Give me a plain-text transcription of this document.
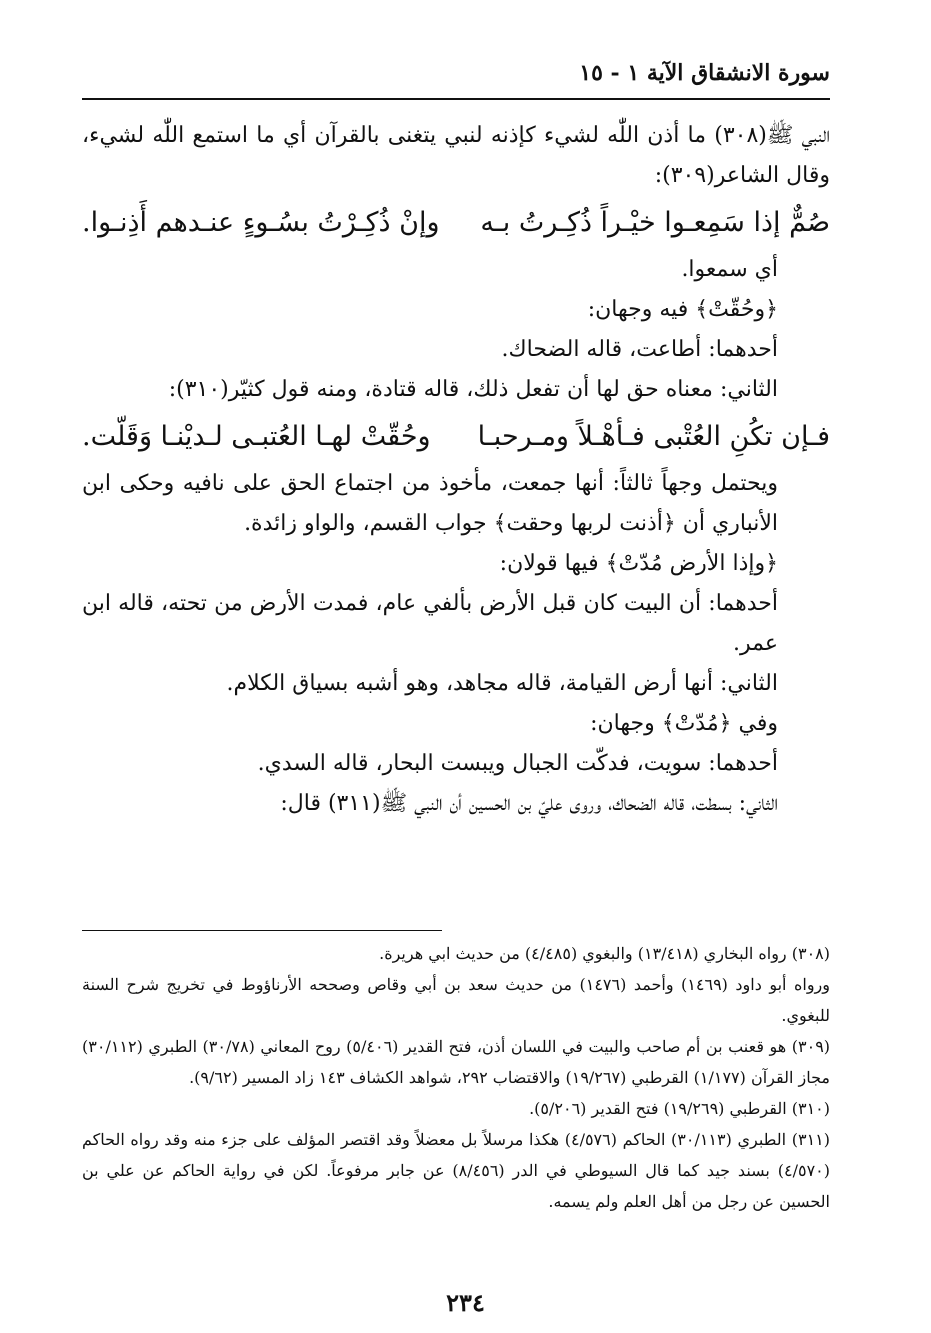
سورة الانشقاق الآية ١ - ١٥

النبي ﷺ(٣٠٨) ما أذن اللّٰه لشيء كإذنه لنبي يتغنى بالقرآن أي ما استمع اللّٰه لشيء، وقال الشاعر(٣٠٩):

صُمٌّ إذا سَمِعـوا خيْـراً ذُكِـرتُ بـه
وإنْ ذُكِـرْتُ بسُـوءٍ عنـدهم أَذِنـوا.

أي سمعوا.

﴿وحُقّتْ﴾ فيه وجهان:

أحدهما: أطاعت، قاله الضحاك.

الثاني: معناه حق لها أن تفعل ذلك، قاله قتادة، ومنه قول كثيّر(٣١٠):

فـإن تكُنِ العُتْبى فـأهْـلاً ومـرحبـا
وحُقّتْ لهـا العُتبـى لـديْنـا وَقَلّت.

ويحتمل وجهاً ثالثاً: أنها جمعت، مأخوذ من اجتماع الحق على نافيه وحكى ابن الأنباري أن ﴿أذنت لربها وحقت﴾ جواب القسم، والواو زائدة.

﴿وإذا الأرض مُدّتْ﴾ فيها قولان:

أحدهما: أن البيت كان قبل الأرض بألفي عام، فمدت الأرض من تحته، قاله ابن عمر.

الثاني: أنها أرض القيامة، قاله مجاهد، وهو أشبه بسياق الكلام.

وفي ﴿مُدّتْ﴾ وجهان:

أحدهما: سويت، فدكّت الجبال ويبست البحار، قاله السدي.

الثاني: بسطت، قاله الضحاك، وروى عليّ بن الحسين أن النبي ﷺ(٣١١) قال:

(٣٠٨) رواه البخاري (١٣/٤١٨) والبغوي (٤/٤٨٥) من حديث ابي هريرة.

ورواه أبو داود (١٤٦٩) وأحمد (١٤٧٦) من حديث سعد بن أبي وقاص وصححه الأرناؤوط في تخريج شرح السنة للبغوي.

(٣٠٩) هو قعنب بن أم صاحب والبيت في اللسان أذن، فتح القدير (٥/٤٠٦) روح المعاني (٣٠/٧٨) الطبري (٣٠/١١٢) مجاز القرآن (١/١٧٧) القرطبي (١٩/٢٦٧) والاقتضاب ٢٩٢، شواهد الكشاف ١٤٣ زاد المسير (٩/٦٢).

(٣١٠) القرطبي (١٩/٢٦٩) فتح القدير (٥/٢٠٦).

(٣١١) الطبري (٣٠/١١٣) الحاكم (٤/٥٧٦) هكذا مرسلاً بل معضلاً وقد اقتصر المؤلف على جزء منه وقد رواه الحاكم (٤/٥٧٠) بسند جيد كما قال السيوطي في الدر (٨/٤٥٦) عن جابر مرفوعاً. لكن في رواية الحاكم عن علي بن الحسين عن رجل من أهل العلم ولم يسمه.

٢٣٤
